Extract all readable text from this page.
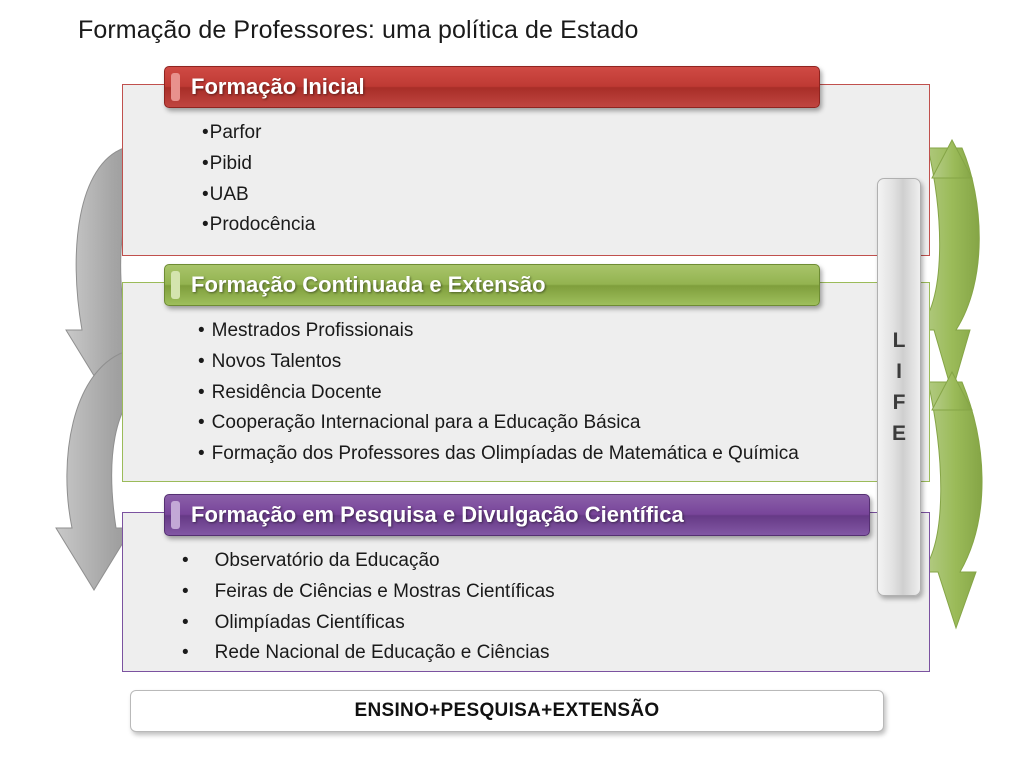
Formação de Professores: uma política de Estado
Formação Inicial
• Parfor
• Pibid
• UAB
• Prodocência
Formação Continuada e Extensão
• Mestrados Profissionais
• Novos Talentos
• Residência Docente
• Cooperação Internacional para a Educação Básica
• Formação dos Professores das Olimpíadas de Matemática e Química
Formação em Pesquisa e Divulgação Científica
• Observatório da Educação
• Feiras de Ciências e Mostras Científicas
• Olimpíadas Científicas
• Rede Nacional de Educação e Ciências
L
I
F
E
ENSINO+PESQUISA+EXTENSÃO
